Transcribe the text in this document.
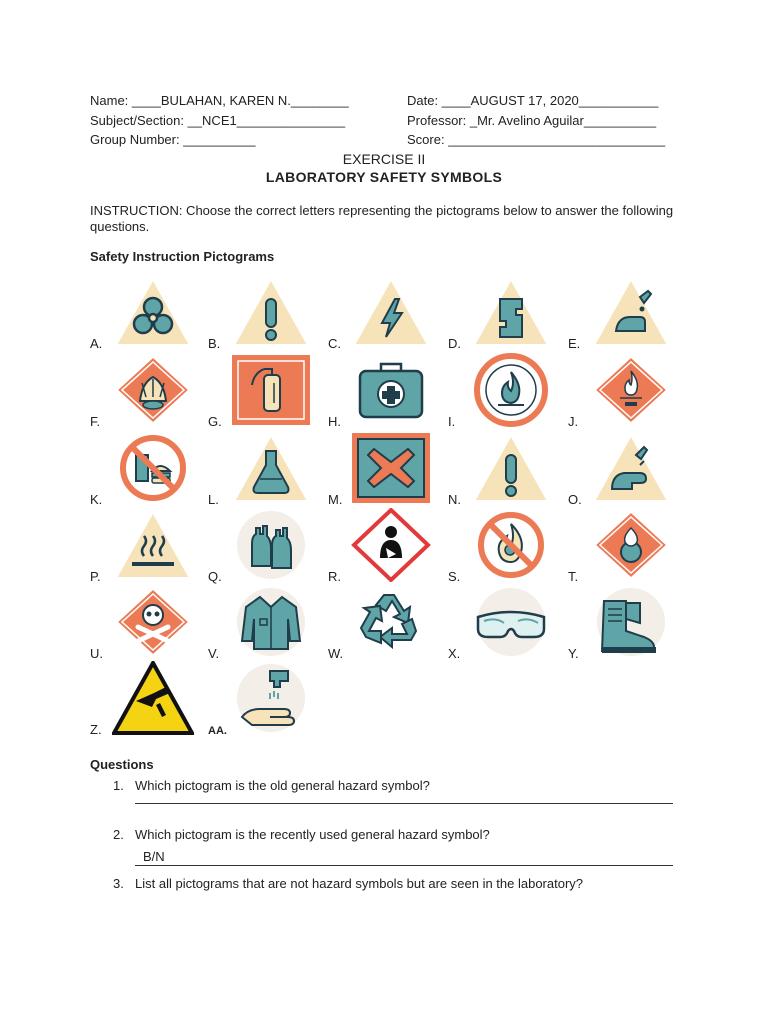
Name: ____BULAHAN, KAREN N.________	Date: ____AUGUST 17, 2020___________
Subject/Section: __NCE1_______________	Professor: _Mr. Avelino Aguilar__________
Group Number: __________	Score: ______________________________
EXERCISE II
LABORATORY SAFETY SYMBOLS
INSTRUCTION: Choose the correct letters representing the pictograms below to answer the following questions.
Safety Instruction Pictograms
A.	B.	C.	D.	E.
F.	G.	H.	I.	J.
K.	L.	M.	N.	O.
P.	Q.	R.	S.	T.
U.	V.	W.	X.	Y.
Z.	AA.
Questions
1. Which pictogram is the old general hazard symbol?
2. Which pictogram is the recently used general hazard symbol?
B/N
3. List all pictograms that are not hazard symbols but are seen in the laboratory?
